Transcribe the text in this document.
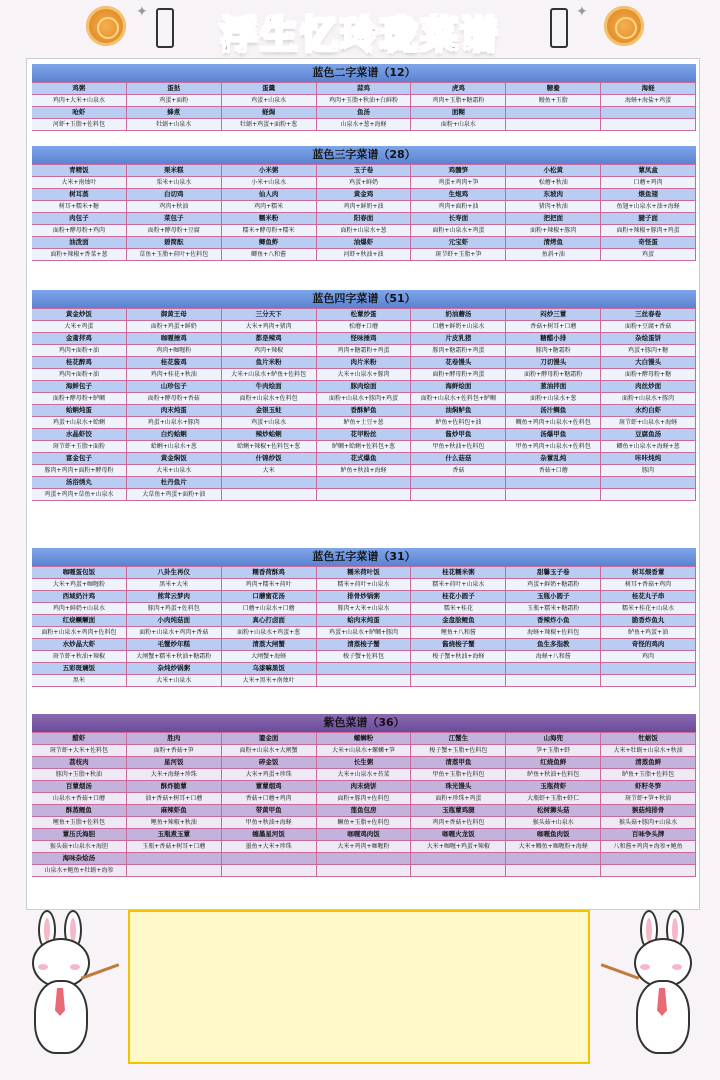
✦	✦
浮生忆玲珑菜谱
蓝色二字菜谱（12）
鸡粥	蛋挞	蛋羹	蒜鸡	虎鸡	糖鲞	海蛏
鸡肉+大米+山泉水	鸡蛋+面粉	鸡蛋+山泉水	鸡肉+玉脂+秋油+白鲜粉	鸡肉+玉脂+糖霜粉	鳗鱼+玉脂	海蛏+海盐+鸡蛋
呛虾	蜂煮	蛏焗	鱼汤	面糊
河虾+玉脂+佐料包	牡蛎+山泉水	牡蛎+鸡蛋+面粉+葱	山泉水+葱+海蛏	面粉+山泉水
蓝色三字菜谱（28）
青精饭	栗米糕	小米粥	玉子卷	鸡髓笋	小松黄	蕈凤盒
大米+南烛叶	栗米+山泉水	小米+山泉水	鸡蛋+鲜奶	鸡蛋+鸡肉+笋	松蘑+秋油	口蘑+鸡肉
树耳蒸	白切鸡	仙人肉	黄金鸡	生炮鸡	东坡肉	煨鱼翅
树耳+糯米+糖	鸡肉+秋油	鸡肉+糯米	鸡肉+鲜奶+油	鸡肉+面粉+油	猪肉+秋油	鱼翅+山泉水+油+海蛏
肉包子	菜包子	糯米粉	阳春面	长寿面	把把面	腱子面
面粉+酵母粉+鸡肉	面粉+酵母粉+豆腐	糯米+酵母粉+糯米	面粉+山泉水+葱	面粉+山泉水+鸡蛋	面粉+辣椒+豚肉	面粉+辣椒+豚肉+鸡蛋
油泼面	碧简酝	鲫鱼鲊	油爆虾	元宝虾	清烤鱼	奇怪蛋
面粉+辣椒+香菜+葱	草鱼+玉脂+荷叶+佐料包	鲫鱼+八和酱	河虾+秋油+油	斑节虾+玉脂+笋	鱼斜+油	鸡蛋
蓝色四字菜谱（51）
黄金炒饭	御黄王母	三分天下	松蕈炒蛋	奶油蘑汤	闷炒三蕈	三丝春卷
大米+鸡蛋	面粉+鸡蛋+鲜奶	大米+鸡肉+猪肉	松蘑+口蘑	口蘑+鲜奶+山泉水	香菇+树耳+口蘑	面粉+豆腐+香菇
金齑拌鸡	咖喱捶鸡	都是辣鸡	怪味捶鸡	片皮乳猪	糖醋小排	杂烩蛋饼
鸡肉+面粉+油	鸡肉+咖喱粉	鸡肉+辣椒	鸡肉+糖霜粉+鸡蛋	豚肉+糖霜粉+鸡蛋	豚肉+糖霜粉	鸡蛋+豚肉+糖
桂花醉鸡	桂花酱鸡	鱼片米粉	肉片米粉	花卷馒头	刀切馒头	大白馒头
鸡肉+面粉+油	鸡肉+桂花+秋油	大米+山泉水+鲈鱼+佐料包	大米+山泉水+豚肉	面粉+酵母粉+鸡蛋	面粉+酵母粉+糖霜粉	面粉+酵母粉+糖
海鲜包子	山珍包子	牛肉烩面	豚肉烩面	海鲜烩面	葱油拌面	肉丝炒面
面粉+酵母粉+鲈鲷	面粉+酵母粉+香菇	面粉+山泉水+佐料包	面粉+山泉水+豚肉+鸡蛋	面粉+山泉水+佐料包+鲈鲷	面粉+山泉水+葱	面粉+山泉水+豚肉
蛤蜊炖蛋	肉末炖蛋	金银玉蛀	香酥鲈鱼	油焖鲈鱼	汤汁鲷鱼	水灼白虾
鸡蛋+山泉水+蛤蜊	鸡蛋+山泉水+豚肉	鸡蛋+山泉水	鲈鱼+土豆+葱	鲈鱼+佐料包+油	鲷鱼+鸡肉+山泉水+佐料包	斑节虾+山泉水+海蛏
水晶虾饺	白灼蛤蜊	辣炒蛤蜊	花甲粉丝	酱炒甲鱼	汤爆甲鱼	豆腐鱼汤
斑节虾+玉脂+面粉	蛤蜊+山泉水+葱	蛤蜊+辣椒+佐料包+葱	鲈鲷+蛤蜊+佐料包+葱	甲鱼+秋油+佐料包	甲鱼+鸡肉+山泉水+佐料包	鲫鱼+山泉水+海蛏+葱
富金包子	黄金焖饭	什锦炒饭	花式爆鱼	什么菇菇	杂蕈乱炖	咔咔炖炖
豚肉+鸡肉+面粉+酵母粉	大米+山泉水	大米	鲈鱼+秋油+海蛏	香菇	香菇+口蘑	豚肉
汤浴绣丸	杜丹鱼片
鸡蛋+鸡肉+草鱼+山泉水	大草鱼+鸡蛋+面粉+油
蓝色五字菜谱（31）
咖喱蛋包饭	八卦生再仪	糯香荷酥鸡	糯米荷叶饭	桂花糯米粥	甜馨玉子卷	树耳煨香蕈
大米+鸡蛋+咖喱粉	黑米+大米	鸡肉+糯米+荷叶	糯米+荷叶+山泉水	糯米+荷叶+山泉水	鸡蛋+鲜奶+糖霜粉	树耳+香菇+鸡肉
西域奶汁鸡	熊茸云梦肉	口蘑蜜花汤	排骨炒锅粥	桂花小圆子	玉瓶小圆子	桂花丸子串
鸡肉+鲜奶+山泉水	豚肉+鸡蛋+佐料包	口蘑+山泉水+口蘑	豚肉+大米+山泉水	糯米+桂花	玉瓶+糯米+糖霜粉	糯米+桂花+山泉水
红烧鳜鳜面	小肉炖菇面	真心打卤面	蛤肉末炖蛋	金盘脍鲤鱼	香辣炸小鱼	脆香炸鱼丸
面粉+山泉水+鸡肉+佐料包	面粉+山泉水+鸡肉+香菇	面粉+山泉水+鸡蛋+葱	鸡蛋+山泉水+鲈鲷+豚肉	鲤鱼+八和酱	海蛏+辣椒+佐料包	鲈鱼+鸡蛋+油
水炒晶大虾	毛蟹炒年糕	清蒸大闸蟹	清蒸梭子蟹	酱烧梭子蟹	鱼生多指教	奇怪的鸡肉
斑节虾+秋油+辣椒	大闸蟹+糯米+秋油+糖霜粉	大闸蟹+海蛏	梭子蟹+佐料包	梭子蟹+秋油+海蛏	海蛏+八和酱	鸡肉
五彩斑斓饭	杂炖炒锅粥	乌漆嘛黑饭
黑米	大米+山泉水	大米+黑米+南烛叶
紫色菜谱（36）
醋虾	胜肉	鎏金面	螺蛳粉	江蟹生	山海兜	牡蛎饭
斑节虾+大米+佐料包	面粉+香菇+笋	面粉+山泉水+大闸蟹	大米+山泉水+螺蛳+笋	梭子蟹+玉脂+佐料包	笋+玉脂+虾	大米+牡蛎+山泉水+秋油
荔枝肉	星河饭	碎金饭	长生粥	清蒸甲鱼	红烧鱼鲜	清蒸鱼鲜
豚肉+玉脂+秋油	大米+海蛏+珍珠	大米+鸡蛋+珍珠	大米+山泉水+苔菜	甲鱼+玉脂+佐料包	鲈鱼+秋油+佐料包	鲈鱼+玉脂+佐料包
百蕈烟汤	酥炸脆蕈	蕈蕈烟鸡	肉末烧饼	珠光馒头	玉瓶荷虾	虾籽冬笋
山泉水+香菇+口蘑	油+香菇+树耳+口蘑	香菇+口蘑+鸡肉	面粉+豚肉+佐料包	面粉+珍珠+鸡蛋	大瓶虾+玉脂+虾仁	斑节虾+笋+秋油
酥蒸鲤鱼	麻辣虾鱼	带黄甲鱼	莲鱼包房	玉瓶蕈鸡腿	松树狮头菇	猴菇炖排骨
鲤鱼+玉脂+佐料包	鲤鱼+辣椒+秋油	甲鱼+秋油+海蛏	鳜鱼+玉脂+佐料包	鸡肉+香菇+佐料包	猴头菇+山泉水	猴头菇+豚肉+山泉水
蕈压氏海胆	玉瓶煮玉蕈	缠墨星河饭	咖喱鸡肉饭	咖喱火龙饭	咖喱鱼肉饭	百味争头牌
猴头菇+山泉水+海胆	玉瓶+香菇+树耳+口蘑	墨鱼+大米+珍珠	大米+鸡肉+咖喱粉	大米+咖喱+鸡蛋+辣椒	大米+鲷鱼+咖喱粉+海蛏	八和酱+鸡肉+海参+鲍鱼
海味杂烩汤
山泉水+鲍鱼+牡蛎+海参
